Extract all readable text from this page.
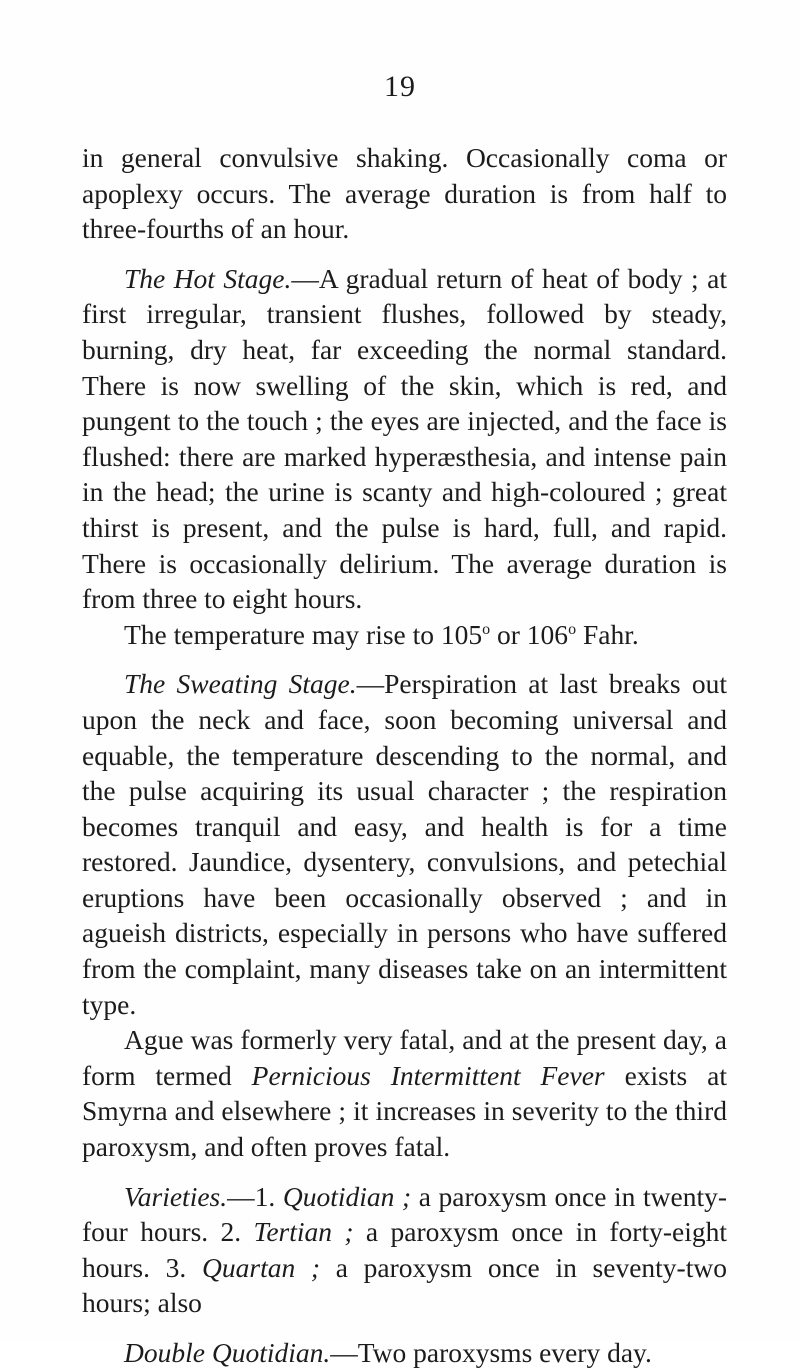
19

in general convulsive shaking. Occasionally coma or apoplexy occurs. The average duration is from half to three-fourths of an hour.

The Hot Stage.—A gradual return of heat of body ; at first irregular, transient flushes, followed by steady, burning, dry heat, far exceeding the normal standard. There is now swelling of the skin, which is red, and pungent to the touch ; the eyes are injected, and the face is flushed: there are marked hyperæsthesia, and intense pain in the head; the urine is scanty and high-coloured ; great thirst is present, and the pulse is hard, full, and rapid. There is occasionally delirium. The average duration is from three to eight hours.

The temperature may rise to 105$^o$ or 106$^o$ Fahr.

The Sweating Stage.—Perspiration at last breaks out upon the neck and face, soon becoming universal and equable, the temperature descending to the normal, and the pulse acquiring its usual character ; the respiration becomes tranquil and easy, and health is for a time restored. Jaundice, dysentery, convulsions, and petechial eruptions have been occasionally observed ; and in agueish districts, especially in persons who have suffered from the complaint, many diseases take on an intermittent type.

Ague was formerly very fatal, and at the present day, a form termed Pernicious Intermittent Fever exists at Smyrna and elsewhere ; it increases in severity to the third paroxysm, and often proves fatal.

Varieties.—1. Quotidian ; a paroxysm once in twenty-four hours. 2. Tertian ; a paroxysm once in forty-eight hours. 3. Quartan ; a paroxysm once in seventy-two hours; also

Double Quotidian.—Two paroxysms every day.
